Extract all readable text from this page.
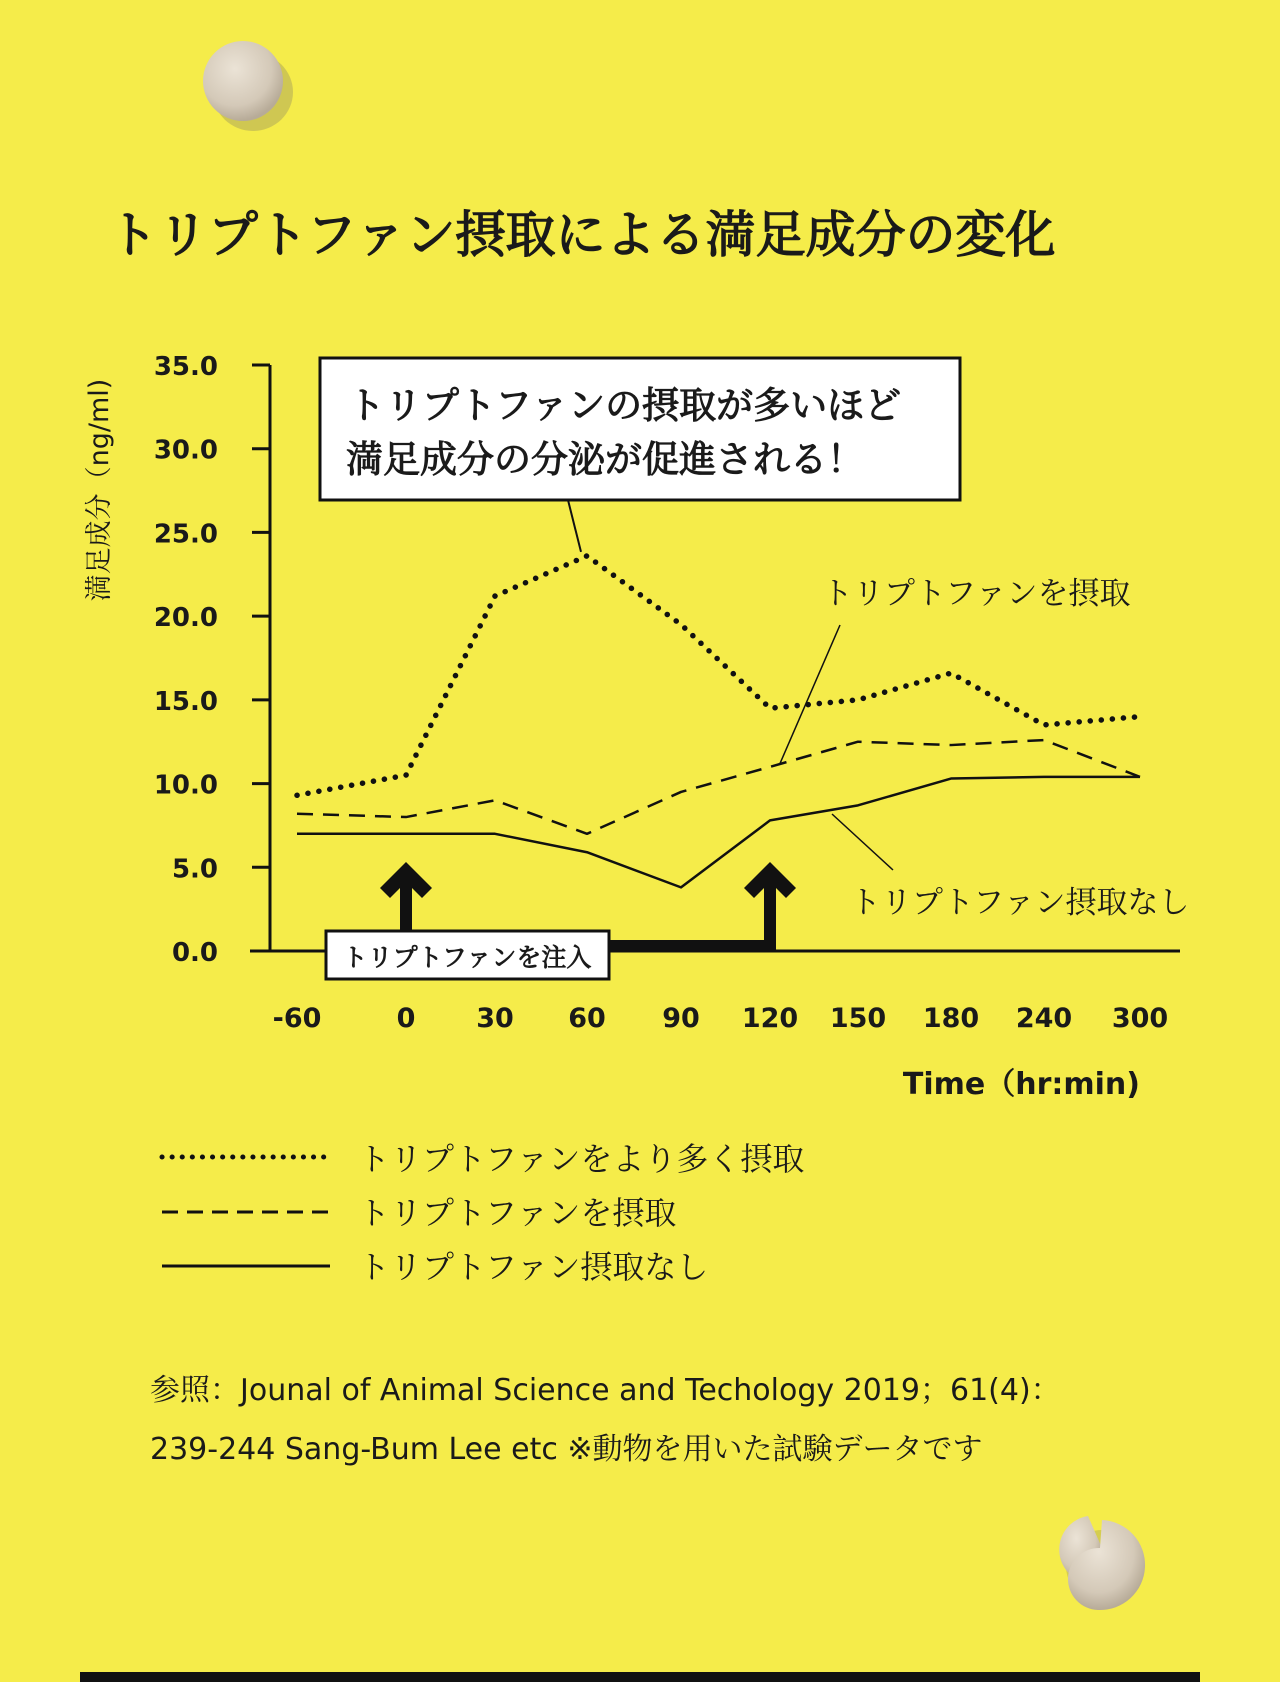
トリプトファン摂取による満足成分の変化
満足成分（ng/ml)
0.0
5.0
10.0
15.0
20.0
25.0
30.0
35.0
-60	0 30 60 90 120 150 180 240 300
トリプトファンの摂取が多いほど
満足成分の分泌が促進される！
トリプトファンを摂取
トリプトファン摂取なし
トリプトファンを注入
Time（hr:min)
トリプトファンをより多く摂取
トリプトファンを摂取
トリプトファン摂取なし
参照：Jounal of Animal Science and Techology 2019；61(4)：
239-244 Sang-Bum Lee etc ※動物を用いた試験データです
